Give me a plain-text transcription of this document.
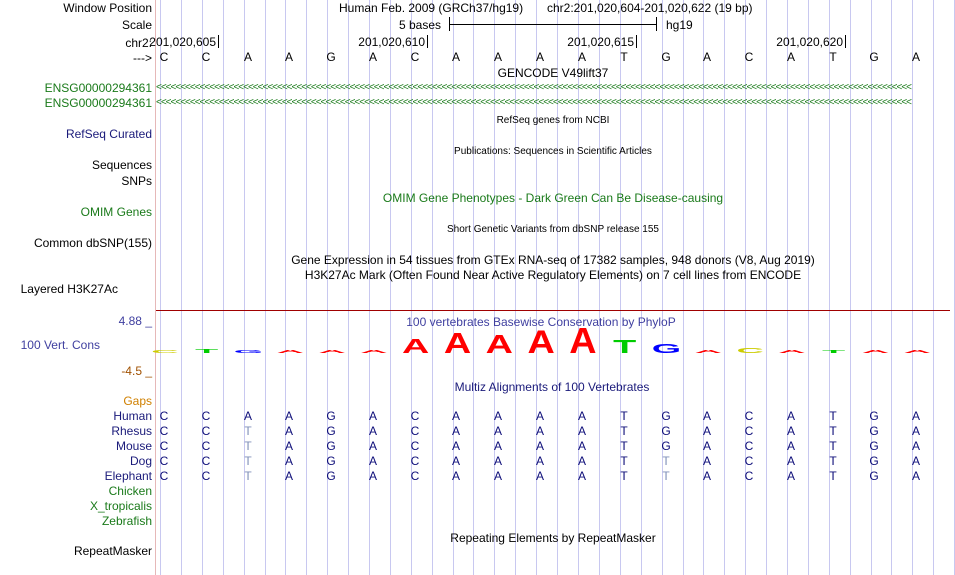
Window Position
Scale
chr2:
--->
ENSG00000294361
ENSG00000294361
RefSeq Curated
Sequences
SNPs
OMIM Genes
Common dbSNP(155)
Layered H3K27Ac
4.88 _
100 Vert. Cons
-4.5 _
Gaps
Human
Rhesus
Mouse
Dog
Elephant
Chicken
X_tropicalis
Zebrafish
RepeatMasker
Human Feb. 2009 (GRCh37/hg19) chr2:201,020,604-201,020,622 (19 bp)
5 bases	hg19
201,020,605	201,020,610	201,020,615	201,020,620
C	C	A	A	G	A	C	A	A	A	A	T	G	A	C	A	T	G	A
GENCODE V49lift37
<<<<<<<<<<<<<<<<<<<<<<<<<<<<<<<<<<<<<<<<<<<<<<<<<<<<<<<<<<<<<<<<<<<<<<<<<<<<<<<<<<<<<<<<<<<<<<<<<<<<<<<<<<<<<<<<<<<<<<<<<<<<<<<<<<<<<<<<<<<<<<<<<<<<<<<<<<<<
<<<<<<<<<<<<<<<<<<<<<<<<<<<<<<<<<<<<<<<<<<<<<<<<<<<<<<<<<<<<<<<<<<<<<<<<<<<<<<<<<<<<<<<<<<<<<<<<<<<<<<<<<<<<<<<<<<<<<<<<<<<<<<<<<<<<<<<<<<<<<<<<<<<<<<<<<<<<
RefSeq genes from NCBI
Publications: Sequences in Scientific Articles
OMIM Gene Phenotypes - Dark Green Can Be Disease-causing
Short Genetic Variants from dbSNP release 155
Gene Expression in 54 tissues from GTEx RNA-seq of 17382 samples, 948 donors (V8, Aug 2019)
H3K27Ac Mark (Often Found Near Active Regulatory Elements) on 7 cell lines from ENCODE
100 vertebrates Basewise Conservation by PhyloP
C T G A A A A A A A A T G A C A T A A
Multiz Alignments of 100 Vertebrates
C	C	A	A	G	A	C	A	A	A	A	T	G	A	C	A	T	G	A
C	C	T	A	G	A	C	A	A	A	A	T	G	A	C	A	T	G	A
C	C	T	A	G	A	C	A	A	A	A	T	G	A	C	A	T	G	A
C	C	T	A	G	A	C	A	A	A	A	T	T	A	C	A	T	G	A
C	C	T	A	G	A	C	A	A	A	A	T	T	A	C	A	T	G	A
Repeating Elements by RepeatMasker
